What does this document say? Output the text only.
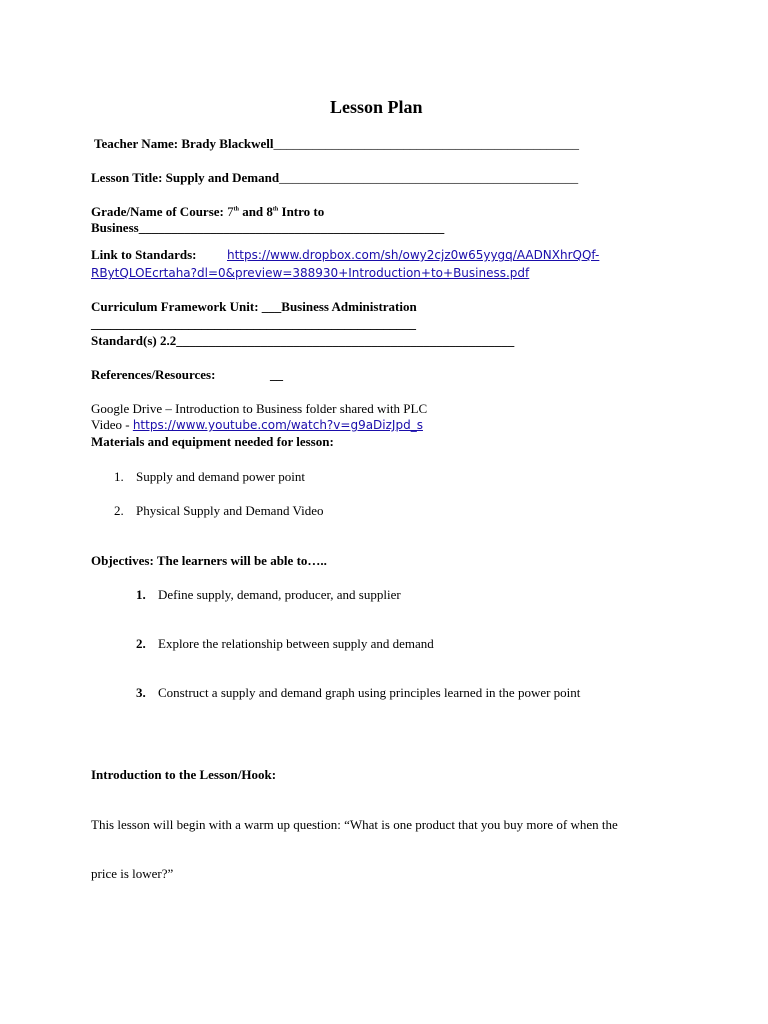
Lesson Plan
Teacher Name: Brady Blackwell_______________________________________________
Lesson Title: Supply and Demand______________________________________________
Grade/Name of Course: 7th and 8th Intro to
Business_______________________________________________
Link to Standards:	https://www.dropbox.com/sh/owy2cjz0w65yygq/AADNXhrQQf-
RBytQLOEcrtaha?dl=0&preview=388930+Introduction+to+Business.pdf
Curriculum Framework Unit: ___Business Administration
__________________________________________________
Standard(s) 2.2____________________________________________________
References/Resources:	__
Google Drive – Introduction to Business folder shared with PLC
Video - https://www.youtube.com/watch?v=g9aDizJpd_s
Materials and equipment needed for lesson:
1. Supply and demand power point
2. Physical Supply and Demand Video
Objectives: The learners will be able to…..
1. Define supply, demand, producer, and supplier
2. Explore the relationship between supply and demand
3. Construct a supply and demand graph using principles learned in the power point
Introduction to the Lesson/Hook:
This lesson will begin with a warm up question: “What is one product that you buy more of when the
price is lower?”
